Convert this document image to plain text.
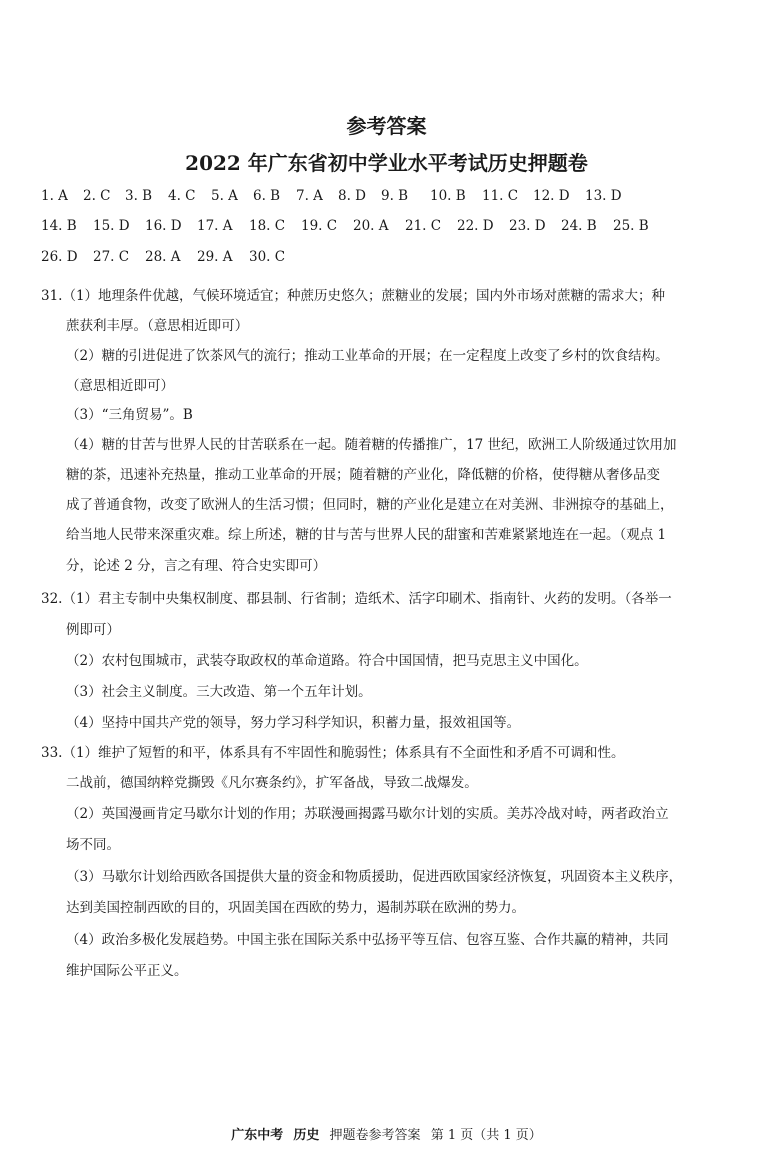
参考答案
2022 年广东省初中学业水平考试历史押题卷
1. A 2. C 3. B 4. C 5. A 6. B 7. A 8. D 9. B 10. B 11. C 12. D 13. D
14. B 15. D 16. D 17. A 18. C 19. C 20. A 21. C 22. D 23. D 24. B 25. B
26. D 27. C 28. A 29. A 30. C
31.（1）地理条件优越，气候环境适宜；种蔗历史悠久；蔗糖业的发展；国内外市场对蔗糖的需求大；种
蔗获利丰厚。（意思相近即可）
（2）糖的引进促进了饮茶风气的流行；推动工业革命的开展；在一定程度上改变了乡村的饮食结构。
（意思相近即可）
（3）“三角贸易”。B
（4）糖的甘苦与世界人民的甘苦联系在一起。随着糖的传播推广，17 世纪，欧洲工人阶级通过饮用加
糖的茶，迅速补充热量，推动工业革命的开展；随着糖的产业化，降低糖的价格，使得糖从奢侈品变
成了普通食物，改变了欧洲人的生活习惯；但同时，糖的产业化是建立在对美洲、非洲掠夺的基础上，
给当地人民带来深重灾难。综上所述，糖的甘与苦与世界人民的甜蜜和苦难紧紧地连在一起。（观点 1
分，论述 2 分，言之有理、符合史实即可）
32.（1）君主专制中央集权制度、郡县制、行省制；造纸术、活字印刷术、指南针、火药的发明。（各举一
例即可）
（2）农村包围城市，武装夺取政权的革命道路。符合中国国情，把马克思主义中国化。
（3）社会主义制度。三大改造、第一个五年计划。
（4）坚持中国共产党的领导，努力学习科学知识，积蓄力量，报效祖国等。
33.（1）维护了短暂的和平，体系具有不牢固性和脆弱性；体系具有不全面性和矛盾不可调和性。
二战前，德国纳粹党撕毁《凡尔赛条约》，扩军备战，导致二战爆发。
（2）英国漫画肯定马歇尔计划的作用；苏联漫画揭露马歇尔计划的实质。美苏冷战对峙，两者政治立
场不同。
（3）马歇尔计划给西欧各国提供大量的资金和物质援助，促进西欧国家经济恢复，巩固资本主义秩序，
达到美国控制西欧的目的，巩固美国在西欧的势力，遏制苏联在欧洲的势力。
（4）政治多极化发展趋势。中国主张在国际关系中弘扬平等互信、包容互鉴、合作共赢的精神，共同
维护国际公平正义。
广东中考 历史 押题卷参考答案 第 1 页（共 1 页）
